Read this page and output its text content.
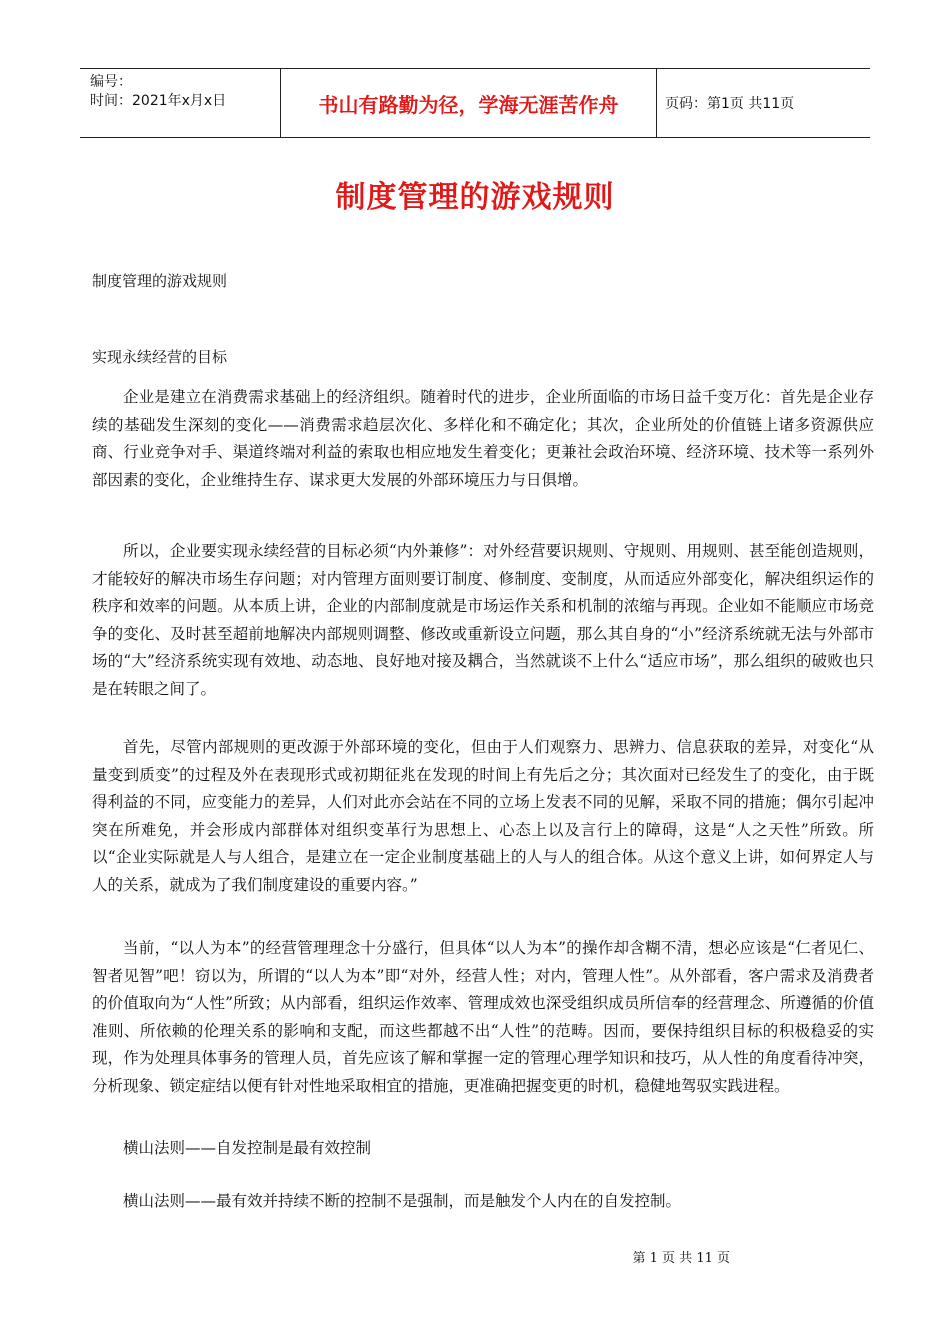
编号：
时间：2021年x月x日	书山有路勤为径，学海无涯苦作舟	页码：第1页 共11页
制度管理的游戏规则
制度管理的游戏规则
实现永续经营的目标
企业是建立在消费需求基础上的经济组织。随着时代的进步，企业所面临的市场日益千变万化：首先是企业存续的基础发生深刻的变化——消费需求趋层次化、多样化和不确定化；其次，企业所处的价值链上诸多资源供应商、行业竞争对手、渠道终端对利益的索取也相应地发生着变化；更兼社会政治环境、经济环境、技术等一系列外部因素的变化，企业维持生存、谋求更大发展的外部环境压力与日俱增。
所以，企业要实现永续经营的目标必须“内外兼修”：对外经营要识规则、守规则、用规则、甚至能创造规则，才能较好的解决市场生存问题；对内管理方面则要订制度、修制度、变制度，从而适应外部变化，解决组织运作的秩序和效率的问题。从本质上讲，企业的内部制度就是市场运作关系和机制的浓缩与再现。企业如不能顺应市场竞争的变化、及时甚至超前地解决内部规则调整、修改或重新设立问题，那么其自身的“小”经济系统就无法与外部市场的“大”经济系统实现有效地、动态地、良好地对接及耦合，当然就谈不上什么“适应市场”，那么组织的破败也只是在转眼之间了。
首先，尽管内部规则的更改源于外部环境的变化，但由于人们观察力、思辨力、信息获取的差异，对变化“从量变到质变”的过程及外在表现形式或初期征兆在发现的时间上有先后之分；其次面对已经发生了的变化，由于既得利益的不同，应变能力的差异，人们对此亦会站在不同的立场上发表不同的见解，采取不同的措施；偶尔引起冲突在所难免，并会形成内部群体对组织变革行为思想上、心态上以及言行上的障碍，这是“人之天性”所致。所以“企业实际就是人与人组合，是建立在一定企业制度基础上的人与人的组合体。从这个意义上讲，如何界定人与人的关系，就成为了我们制度建设的重要内容。”
当前，“以人为本”的经营管理理念十分盛行，但具体“以人为本”的操作却含糊不清，想必应该是“仁者见仁、智者见智”吧！窃以为，所谓的“以人为本”即“对外，经营人性；对内，管理人性”。从外部看，客户需求及消费者的价值取向为“人性”所致；从内部看，组织运作效率、管理成效也深受组织成员所信奉的经营理念、所遵循的价值准则、所依赖的伦理关系的影响和支配，而这些都越不出“人性”的范畴。因而，要保持组织目标的积极稳妥的实现，作为处理具体事务的管理人员，首先应该了解和掌握一定的管理心理学知识和技巧，从人性的角度看待冲突，分析现象、锁定症结以便有针对性地采取相宜的措施，更准确把握变更的时机，稳健地驾驭实践进程。
横山法则——自发控制是最有效控制
横山法则——最有效并持续不断的控制不是强制，而是触发个人内在的自发控制。
第 1 页 共 11 页
